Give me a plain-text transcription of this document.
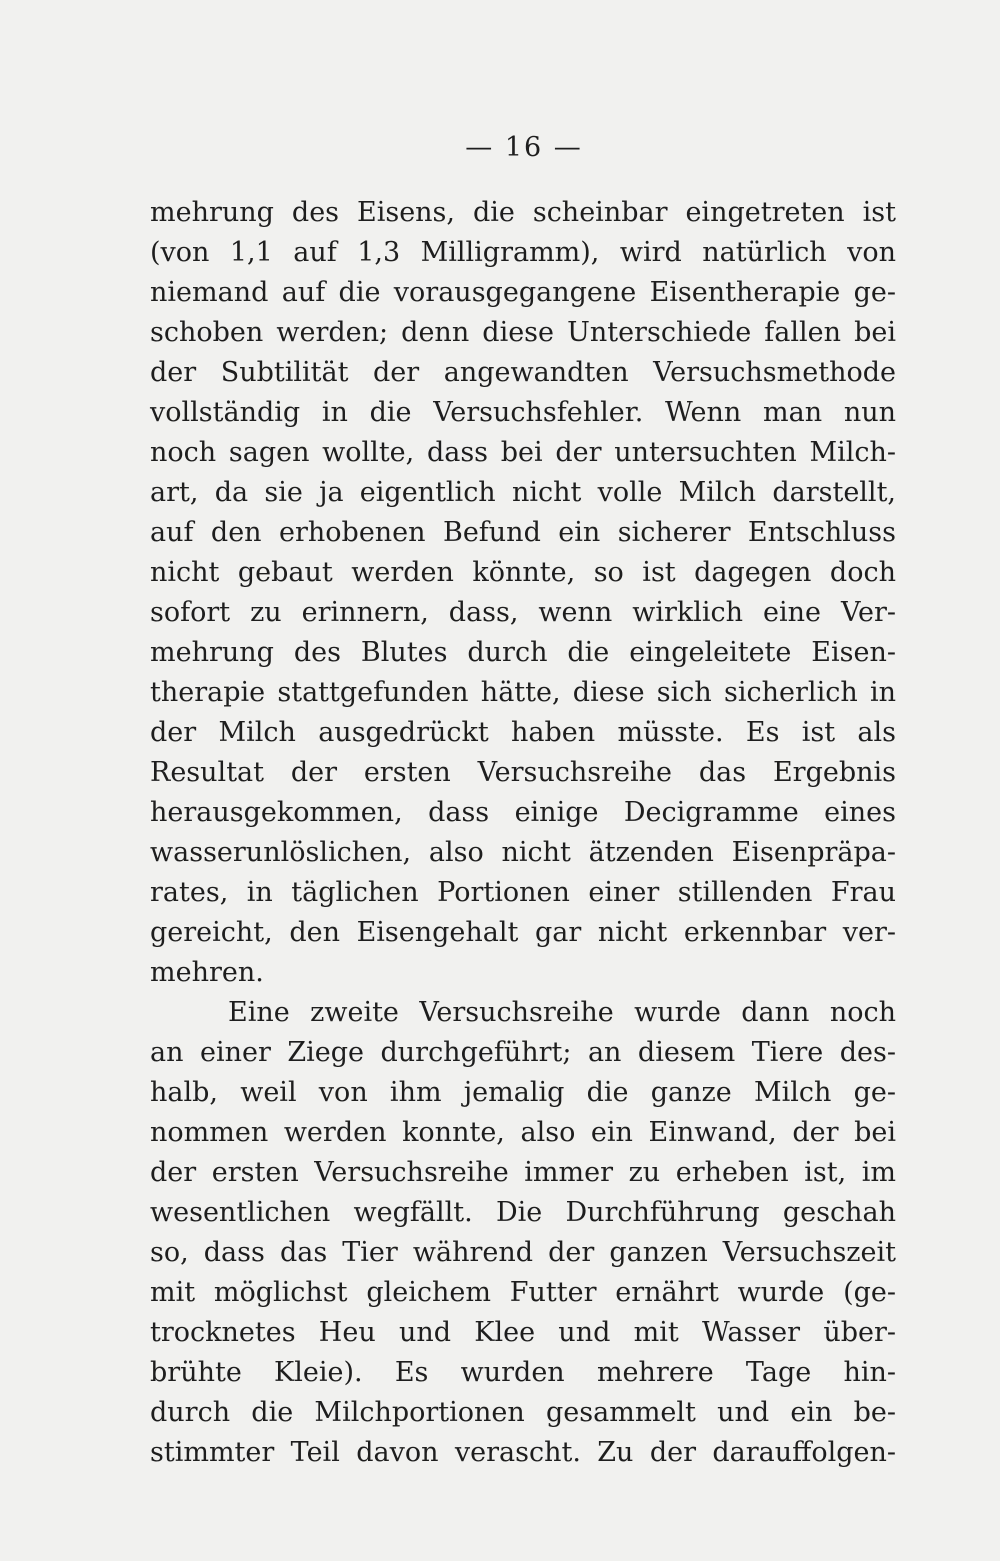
— 16 —
mehrung des Eisens, die scheinbar eingetreten ist
(von 1,1 auf 1,3 Milligramm), wird natürlich von
niemand auf die vorausgegangene Eisentherapie ge-
schoben werden; denn diese Unterschiede fallen bei
der Subtilität der angewandten Versuchsmethode
vollständig in die Versuchsfehler. Wenn man nun
noch sagen wollte, dass bei der untersuchten Milch-
art, da sie ja eigentlich nicht volle Milch darstellt,
auf den erhobenen Befund ein sicherer Entschluss
nicht gebaut werden könnte, so ist dagegen doch
sofort zu erinnern, dass, wenn wirklich eine Ver-
mehrung des Blutes durch die eingeleitete Eisen-
therapie stattgefunden hätte, diese sich sicherlich in
der Milch ausgedrückt haben müsste. Es ist als
Resultat der ersten Versuchsreihe das Ergebnis
herausgekommen, dass einige Decigramme eines
wasserunlöslichen, also nicht ätzenden Eisenpräpa-
rates, in täglichen Portionen einer stillenden Frau
gereicht, den Eisengehalt gar nicht erkennbar ver-
mehren.
Eine zweite Versuchsreihe wurde dann noch
an einer Ziege durchgeführt; an diesem Tiere des-
halb, weil von ihm jemalig die ganze Milch ge-
nommen werden konnte, also ein Einwand, der bei
der ersten Versuchsreihe immer zu erheben ist, im
wesentlichen wegfällt. Die Durchführung geschah
so, dass das Tier während der ganzen Versuchszeit
mit möglichst gleichem Futter ernährt wurde (ge-
trocknetes Heu und Klee und mit Wasser über-
brühte Kleie). Es wurden mehrere Tage hin-
durch die Milchportionen gesammelt und ein be-
stimmter Teil davon verascht. Zu der darauffolgen-
